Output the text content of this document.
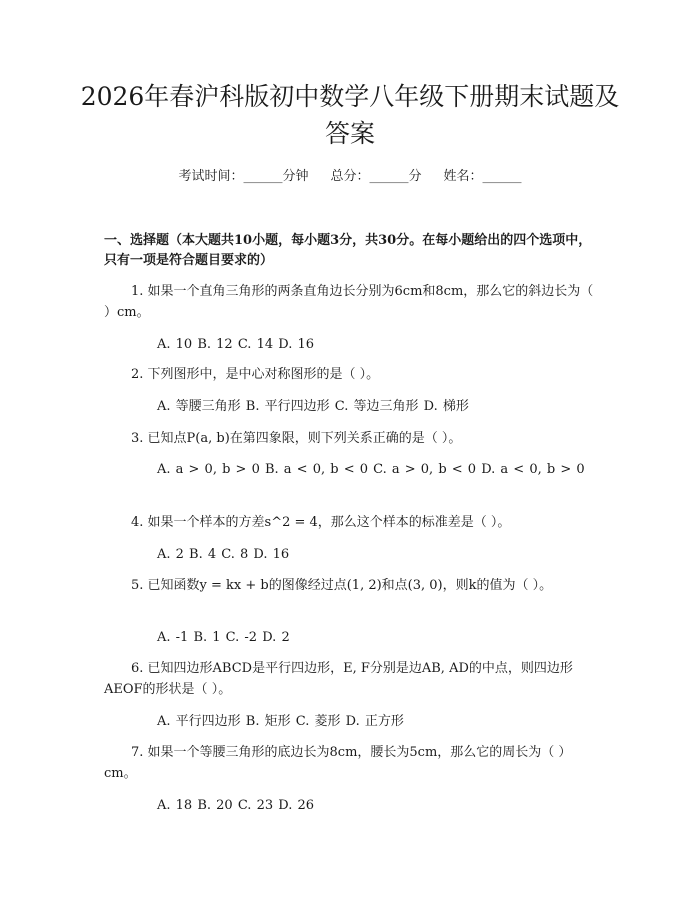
2026年春沪科版初中数学八年级下册期末试题及答案
考试时间：______分钟 总分：______分 姓名：______

一、选择题（本大题共10小题，每小题3分，共30分。在每小题给出的四个选项中，只有一项是符合题目要求的）

1. 如果一个直角三角形的两条直角边长分别为6cm和8cm，那么它的斜边长为（ ）cm。

A. 10 B. 12 C. 14 D. 16

2. 下列图形中，是中心对称图形的是（ ）。

A. 等腰三角形 B. 平行四边形 C. 等边三角形 D. 梯形

3. 已知点P(a, b)在第四象限，则下列关系正确的是（ ）。

A. a > 0, b > 0 B. a < 0, b < 0 C. a > 0, b < 0 D. a < 0, b > 0

4. 如果一个样本的方差s^2 = 4，那么这个样本的标准差是（ ）。

A. 2 B. 4 C. 8 D. 16

5. 已知函数y = kx + b的图像经过点(1, 2)和点(3, 0)，则k的值为（ ）。

A. -1 B. 1 C. -2 D. 2

6. 已知四边形ABCD是平行四边形，E, F分别是边AB, AD的中点，则四边形AEOF的形状是（ ）。

A. 平行四边形 B. 矩形 C. 菱形 D. 正方形

7. 如果一个等腰三角形的底边长为8cm，腰长为5cm，那么它的周长为（ ）cm。

A. 18 B. 20 C. 23 D. 26
